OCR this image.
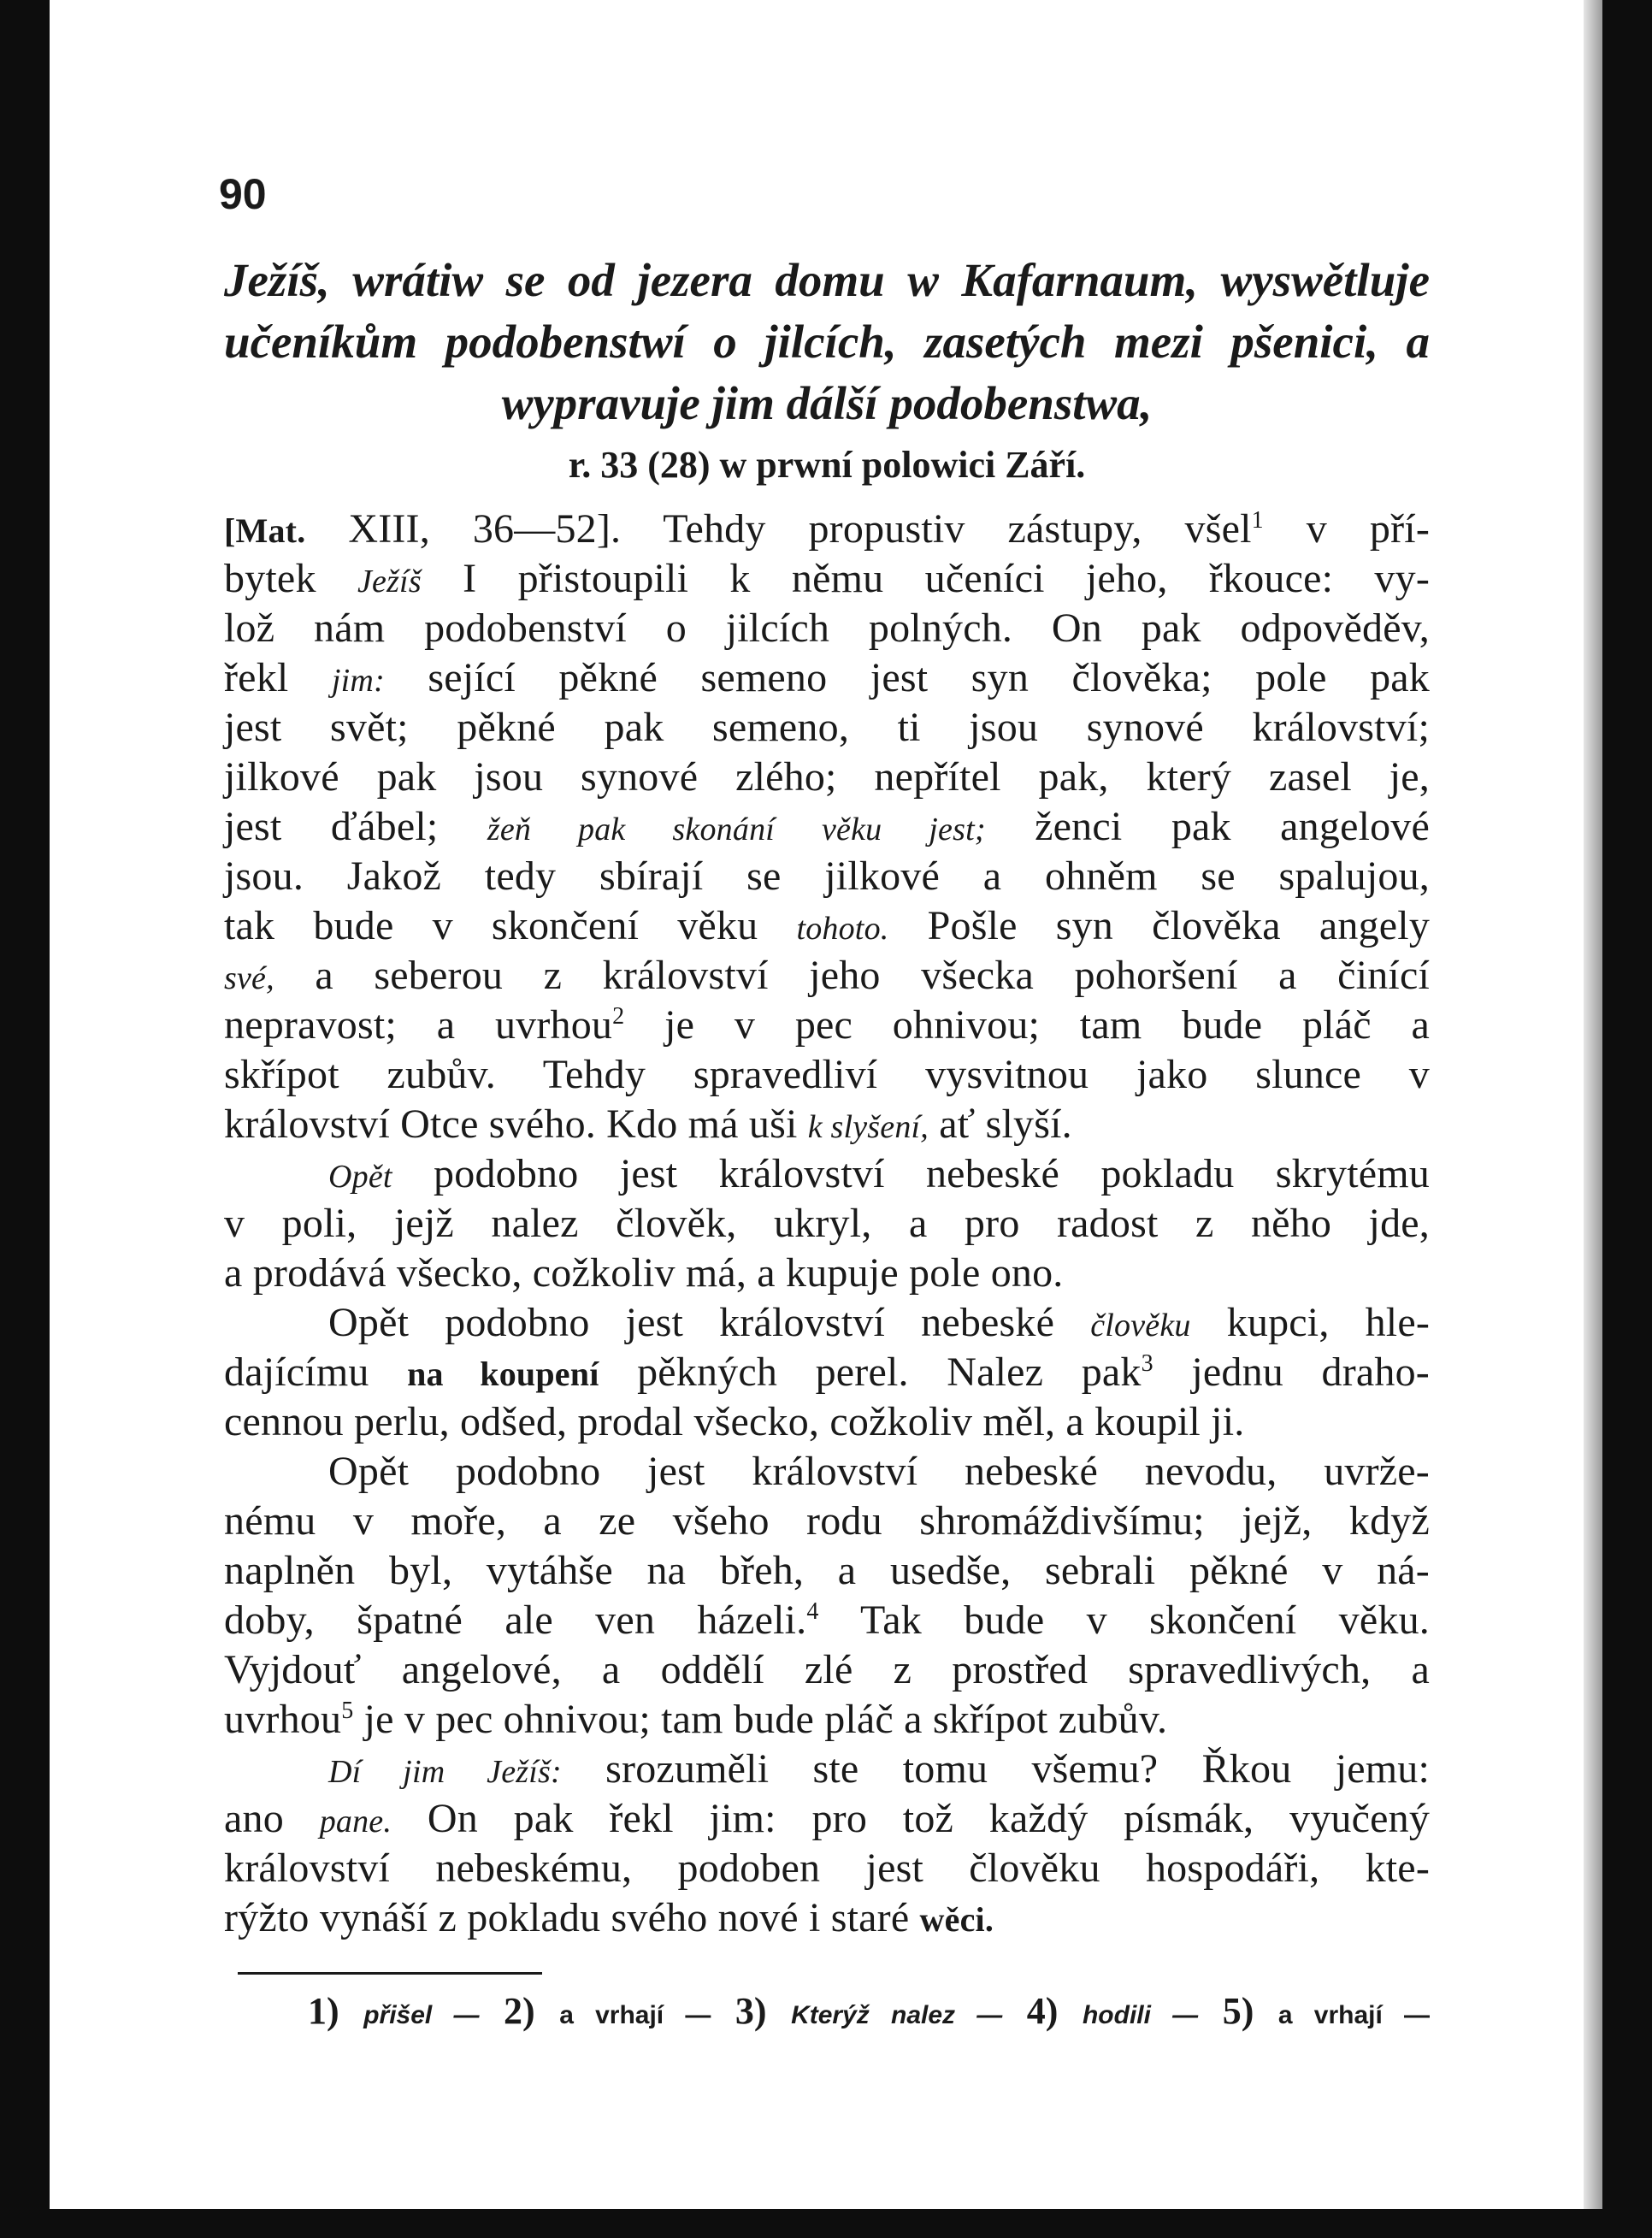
90
Ježíš, wrátiw se od jezera domu w Kafarnaum, wyswětluje
učeníkům podobenstwí o jilcích, zasetých mezi pšenici, a
wypravuje jim dálší podobenstwa,
r. 33 (28) w prwní polowici Září.
[Mat. XIII, 36—52]. Tehdy propustiv zástupy, všel$^1$ v pří-
bytek Ježíš I přistoupili k němu učeníci jeho, řkouce: vy-
lož nám podobenství o jilcích polných. On pak odpověděv,
řekl jim: sející pěkné semeno jest syn člověka; pole pak
jest svět; pěkné pak semeno, ti jsou synové království;
jilkové pak jsou synové zlého; nepřítel pak, který zasel je,
jest ďábel; žeň pak skonání věku jest; ženci pak angelové
jsou. Jakož tedy sbírají se jilkové a ohněm se spalujou,
tak bude v skončení věku tohoto. Pošle syn člověka angely
své, a seberou z království jeho všecka pohoršení a činící
nepravost; a uvrhou$^2$ je v pec ohnivou; tam bude pláč a
skřípot zubův. Tehdy spravedliví vysvitnou jako slunce v
království Otce svého. Kdo má uši k slyšení, ať slyší.
Opět podobno jest království nebeské pokladu skrytému
v poli, jejž nalez člověk, ukryl, a pro radost z něho jde,
a prodává všecko, cožkoliv má, a kupuje pole ono.
Opět podobno jest království nebeské člověku kupci, hle-
dajícímu na koupení pěkných perel. Nalez pak$^3$ jednu draho-
cennou perlu, odšed, prodal všecko, cožkoliv měl, a koupil ji.
Opět podobno jest království nebeské nevodu, uvrže-
nému v moře, a ze všeho rodu shromáždivšímu; jejž, když
naplněn byl, vytáhše na břeh, a usedše, sebrali pěkné v ná-
doby, špatné ale ven házeli.$^4$ Tak bude v skončení věku.
Vyjdouť angelové, a oddělí zlé z prostřed spravedlivých, a
uvrhou$^5$ je v pec ohnivou; tam bude pláč a skřípot zubův.
Dí jim Ježíš: srozuměli ste tomu všemu? Řkou jemu:
ano pane. On pak řekl jim: pro tož každý písmák, vyučený
království nebeskému, podoben jest člověku hospodáři, kte-
rýžto vynáší z pokladu svého nové i staré wěci.
1) přišel — 2) a vrhají — 3) Kterýž nalez — 4) hodili — 5) a vrhají —
